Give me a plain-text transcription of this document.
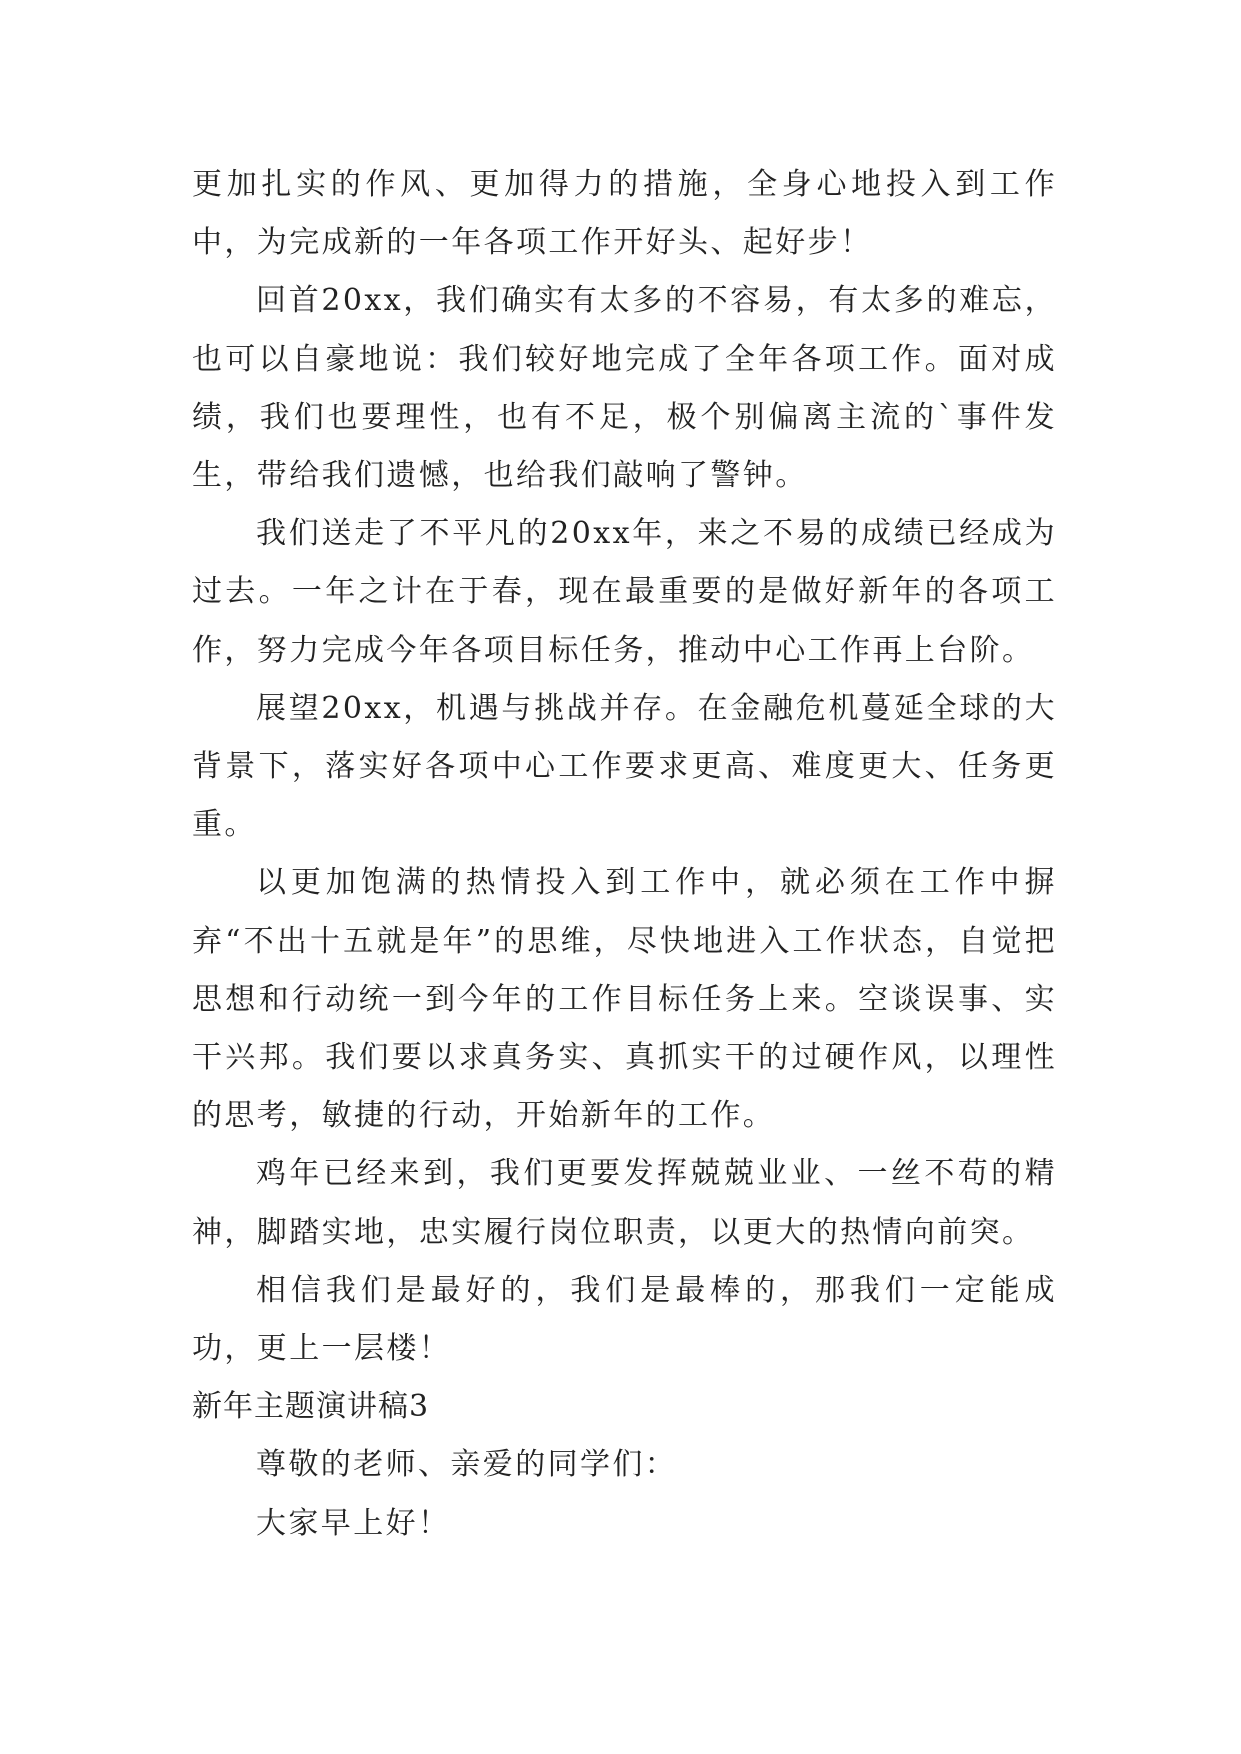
更加扎实的作风、更加得力的措施，全身心地投入到工作中，为完成新的一年各项工作开好头、起好步！

回首20xx，我们确实有太多的不容易，有太多的难忘，也可以自豪地说：我们较好地完成了全年各项工作。面对成绩，我们也要理性，也有不足，极个别偏离主流的`事件发生，带给我们遗憾，也给我们敲响了警钟。

我们送走了不平凡的20xx年，来之不易的成绩已经成为过去。一年之计在于春，现在最重要的是做好新年的各项工作，努力完成今年各项目标任务，推动中心工作再上台阶。

展望20xx，机遇与挑战并存。在金融危机蔓延全球的大背景下，落实好各项中心工作要求更高、难度更大、任务更重。

以更加饱满的热情投入到工作中，就必须在工作中摒弃“不出十五就是年”的思维，尽快地进入工作状态，自觉把思想和行动统一到今年的工作目标任务上来。空谈误事、实干兴邦。我们要以求真务实、真抓实干的过硬作风，以理性的思考，敏捷的行动，开始新年的工作。

鸡年已经来到，我们更要发挥兢兢业业、一丝不苟的精神，脚踏实地，忠实履行岗位职责，以更大的热情向前突。

相信我们是最好的，我们是最棒的，那我们一定能成功，更上一层楼！

新年主题演讲稿3

尊敬的老师、亲爱的同学们：

大家早上好！
